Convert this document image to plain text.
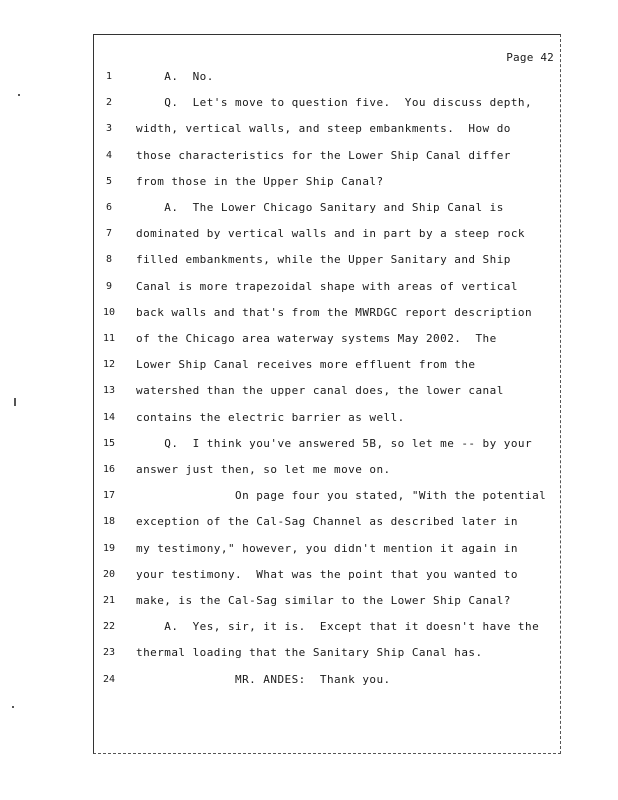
Page 42
1	A.  No.
2	Q.  Let's move to question five.  You discuss depth,
3	width, vertical walls, and steep embankments.  How do
4	those characteristics for the Lower Ship Canal differ
5	from those in the Upper Ship Canal?
6	A.  The Lower Chicago Sanitary and Ship Canal is
7	dominated by vertical walls and in part by a steep rock
8	filled embankments, while the Upper Sanitary and Ship
9	Canal is more trapezoidal shape with areas of vertical
10 back walls and that's from the MWRDGC report description
11 of the Chicago area waterway systems May 2002.  The
12 Lower Ship Canal receives more effluent from the
13 watershed than the upper canal does, the lower canal
14 contains the electric barrier as well.
15 Q.  I think you've answered 5B, so let me -- by your
16 answer just then, so let me move on.
17 On page four you stated, "With the potential
18 exception of the Cal-Sag Channel as described later in
19 my testimony," however, you didn't mention it again in
20 your testimony.  What was the point that you wanted to
21 make, is the Cal-Sag similar to the Lower Ship Canal?
22 A.  Yes, sir, it is.  Except that it doesn't have the
23 thermal loading that the Sanitary Ship Canal has.
24 MR. ANDES:  Thank you.
